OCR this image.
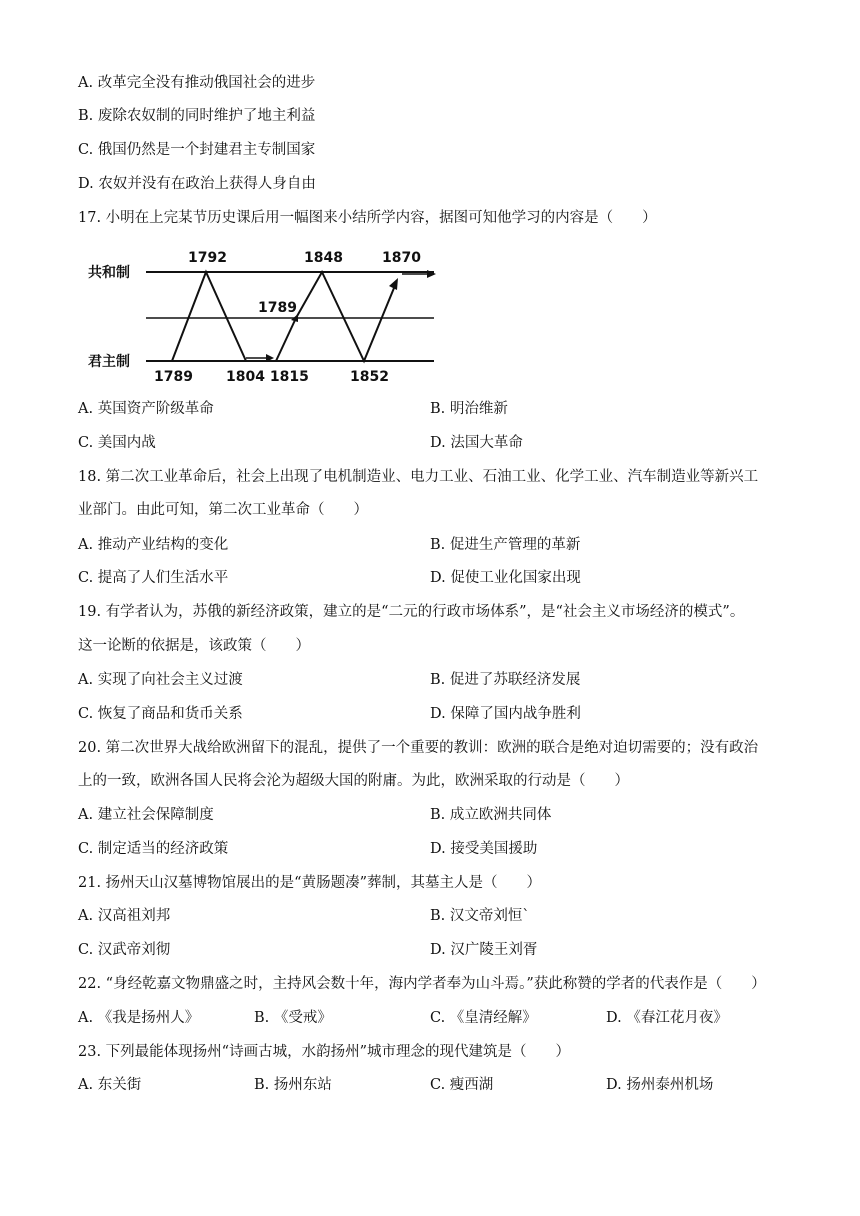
A. 改革完全没有推动俄国社会的进步
B. 废除农奴制的同时维护了地主利益
C. 俄国仍然是一个封建君主专制国家
D. 农奴并没有在政治上获得人身自由
17. 小明在上完某节历史课后用一幅图来小结所学内容，据图可知他学习的内容是（　　）
共和制
君主制
1792	1848	1870
1789
1789 1804 1815	1852
A. 英国资产阶级革命	B. 明治维新
C. 美国内战	D. 法国大革命
18. 第二次工业革命后，社会上出现了电机制造业、电力工业、石油工业、化学工业、汽车制造业等新兴工
业部门。由此可知，第二次工业革命（　　）
A. 推动产业结构的变化	B. 促进生产管理的革新
C. 提高了人们生活水平	D. 促使工业化国家出现
19. 有学者认为，苏俄的新经济政策，建立的是“二元的行政市场体系”，是“社会主义市场经济的模式”。
这一论断的依据是，该政策（　　）
A. 实现了向社会主义过渡	B. 促进了苏联经济发展
C. 恢复了商品和货币关系	D. 保障了国内战争胜利
20. 第二次世界大战给欧洲留下的混乱，提供了一个重要的教训：欧洲的联合是绝对迫切需要的；没有政治
上的一致，欧洲各国人民将会沦为超级大国的附庸。为此，欧洲采取的行动是（　　）
A. 建立社会保障制度	B. 成立欧洲共同体
C. 制定适当的经济政策	D. 接受美国援助
21. 扬州天山汉墓博物馆展出的是“黄肠题凑”葬制，其墓主人是（　　）
A. 汉高祖刘邦	B. 汉文帝刘恒`
C. 汉武帝刘彻	D. 汉广陵王刘胥
22. “身经乾嘉文物鼎盛之时，主持风会数十年，海内学者奉为山斗焉。”获此称赞的学者的代表作是（　　）
A. 《我是扬州人》	B. 《受戒》	C. 《皇清经解》	D. 《春江花月夜》
23. 下列最能体现扬州“诗画古城，水韵扬州”城市理念的现代建筑是（　　）
A. 东关街	B. 扬州东站	C. 瘦西湖	D. 扬州泰州机场
